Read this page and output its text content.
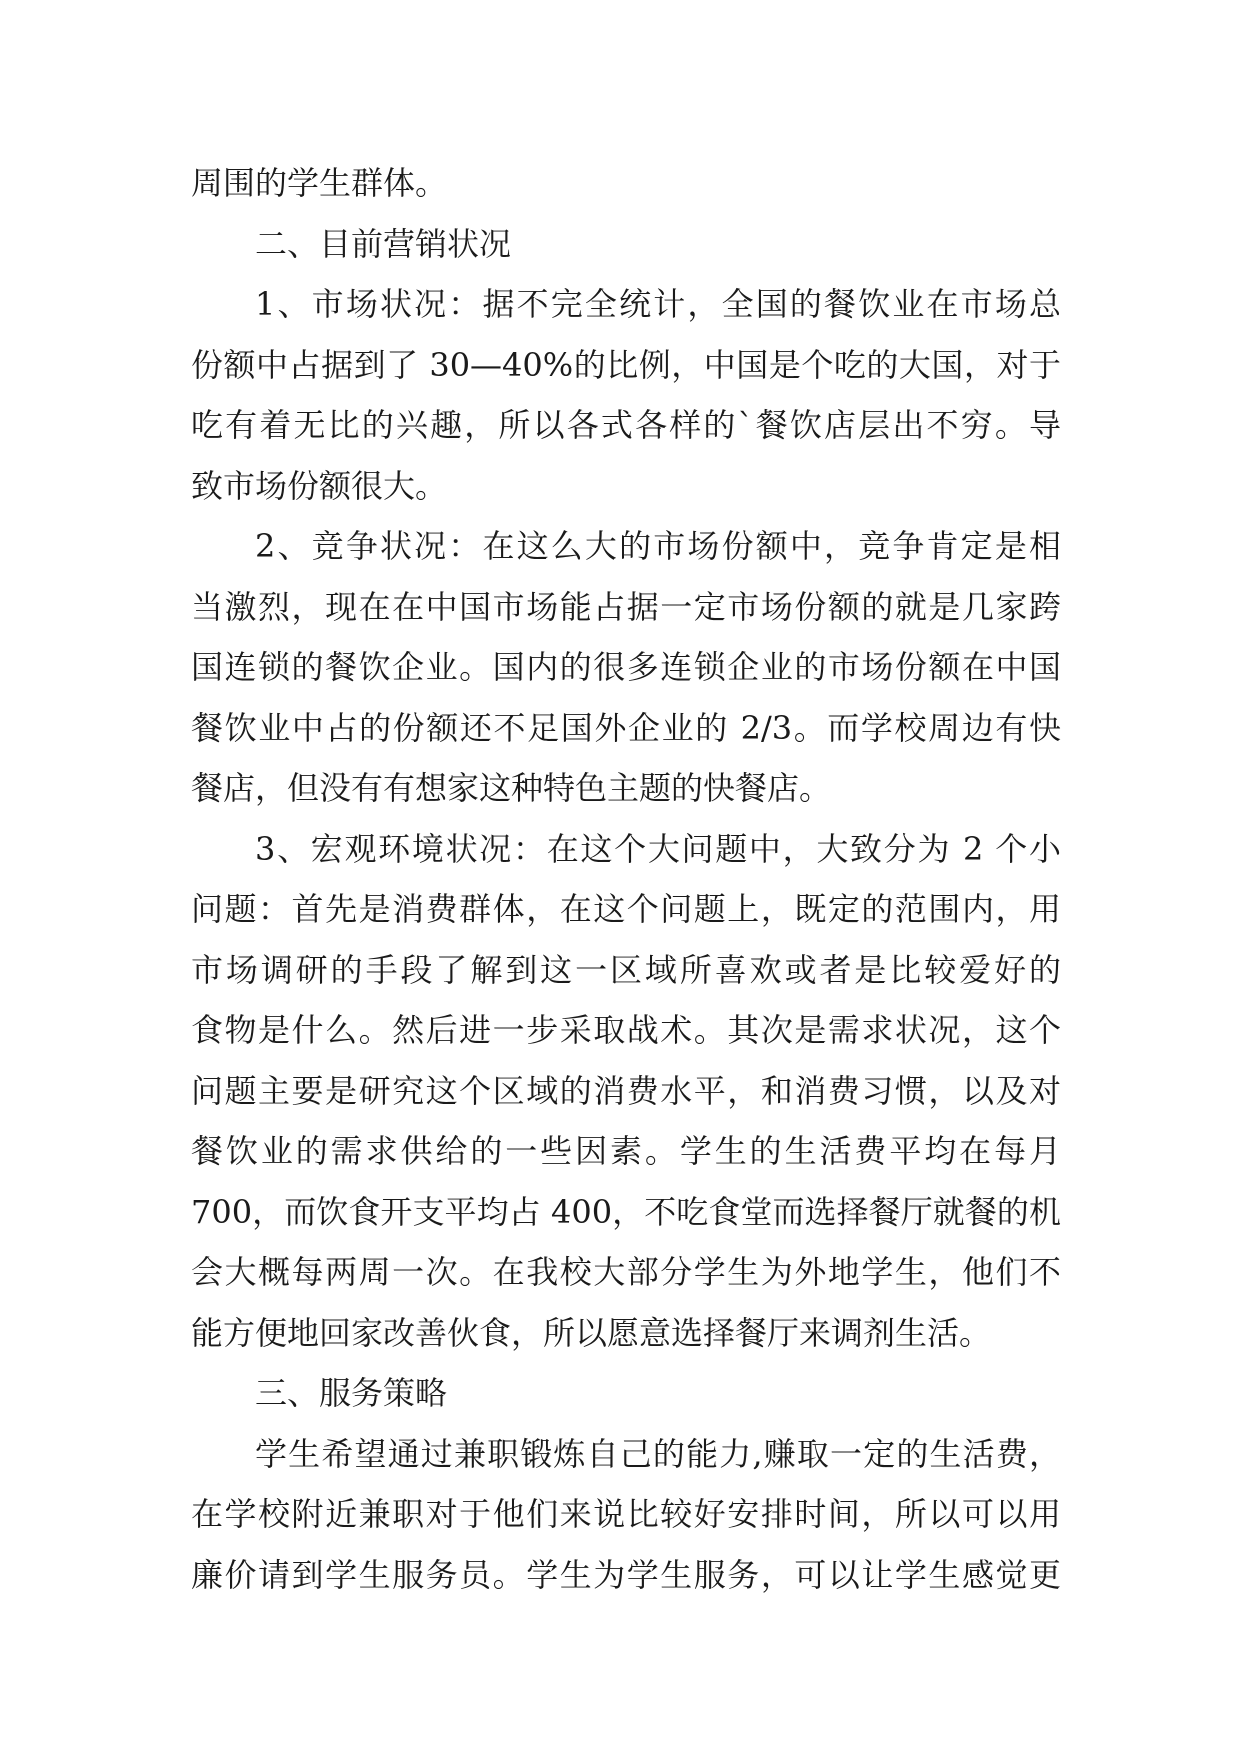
周围的学生群体。
二、目前营销状况
1、市场状况：据不完全统计，全国的餐饮业在市场总
份额中占据到了 30—40%的比例，中国是个吃的大国，对于
吃有着无比的兴趣，所以各式各样的`餐饮店层出不穷。导
致市场份额很大。
2、竞争状况：在这么大的市场份额中，竞争肯定是相
当激烈，现在在中国市场能占据一定市场份额的就是几家跨
国连锁的餐饮企业。国内的很多连锁企业的市场份额在中国
餐饮业中占的份额还不足国外企业的 2/3。而学校周边有快
餐店，但没有有想家这种特色主题的快餐店。
3、宏观环境状况：在这个大问题中，大致分为 2 个小
问题：首先是消费群体，在这个问题上，既定的范围内，用
市场调研的手段了解到这一区域所喜欢或者是比较爱好的
食物是什么。然后进一步采取战术。其次是需求状况，这个
问题主要是研究这个区域的消费水平，和消费习惯，以及对
餐饮业的需求供给的一些因素。学生的生活费平均在每月
700，而饮食开支平均占 400，不吃食堂而选择餐厅就餐的机
会大概每两周一次。在我校大部分学生为外地学生，他们不
能方便地回家改善伙食，所以愿意选择餐厅来调剂生活。
三、服务策略
学生希望通过兼职锻炼自己的能力,赚取一定的生活费，
在学校附近兼职对于他们来说比较好安排时间，所以可以用
廉价请到学生服务员。学生为学生服务，可以让学生感觉更
